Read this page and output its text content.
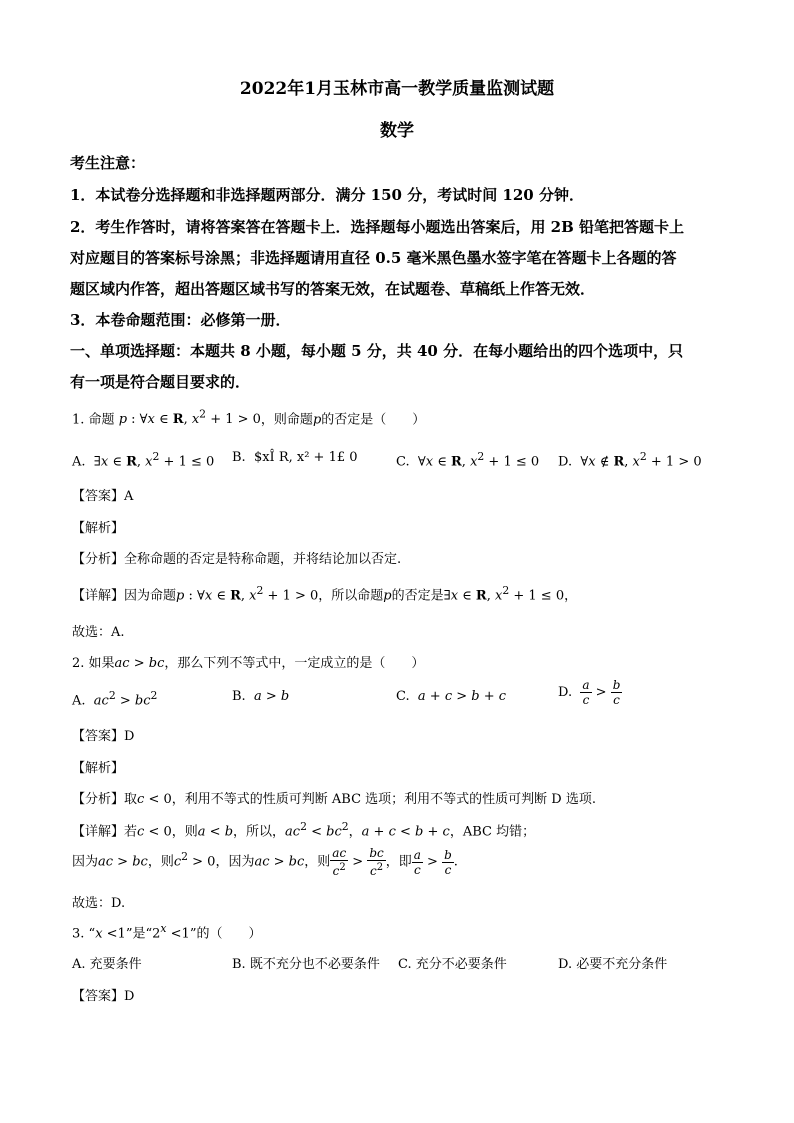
2022年1月玉林市高一教学质量监测试题
数学
考生注意：
1．本试卷分选择题和非选择题两部分．满分 150 分，考试时间 120 分钟．
2．考生作答时，请将答案答在答题卡上．选择题每小题选出答案后，用 2B 铅笔把答题卡上
对应题目的答案标号涂黑；非选择题请用直径 0.5 毫米黑色墨水签字笔在答题卡上各题的答
题区域内作答，超出答题区域书写的答案无效，在试题卷、草稿纸上作答无效．
3．本卷命题范围：必修第一册．
一、单项选择题：本题共 8 小题，每小题 5 分，共 40 分．在每小题给出的四个选项中，只
有一项是符合题目要求的．
1. 命题 p : ∀x ∈ R, $x^2 + 1 > 0$，则命题p的否定是（　　）
A.  ∃x ∈ R, $x^2 + 1 \le 0$ B. $xÎ R, x² + 1£ 0	C.  ∀x ∈ R, $x^2 + 1 \le 0$ D.  ∀x ∉ R, $x^2 + 1 > 0$
【答案】A
【解析】
【分析】全称命题的否定是特称命题，并将结论加以否定.
【详解】因为命题p : ∀x ∈ R, $x^2 + 1 > 0$，所以命题p的否定是∃x ∈ R, $x^2 + 1 \le 0$，
故选：A.
2. 如果ac > bc，那么下列不等式中，一定成立的是（　　）
A. $ac^2 > bc^2$	B. a > b	C. a + c > b + c	D. $\frac{a}{c} > \frac{b}{c}$
【答案】D
【解析】
【分析】取c < 0，利用不等式的性质可判断 ABC 选项；利用不等式的性质可判断 D 选项.
【详解】若c < 0，则a < b，所以，$ac^2 < bc^2$，a + c < b + c，ABC 均错；
因为ac > bc，则$c^2 > 0$，因为ac > bc，则 $\frac{ac}{c^2} > \frac{bc}{c^2}$ ，即 $\frac{a}{c} > \frac{b}{c}$ .
故选：D.
3. “x <1”是“$2^x <1$”的（　　）
A. 充要条件	B. 既不充分也不必要条件 C. 充分不必要条件	D. 必要不充分条件
【答案】D
